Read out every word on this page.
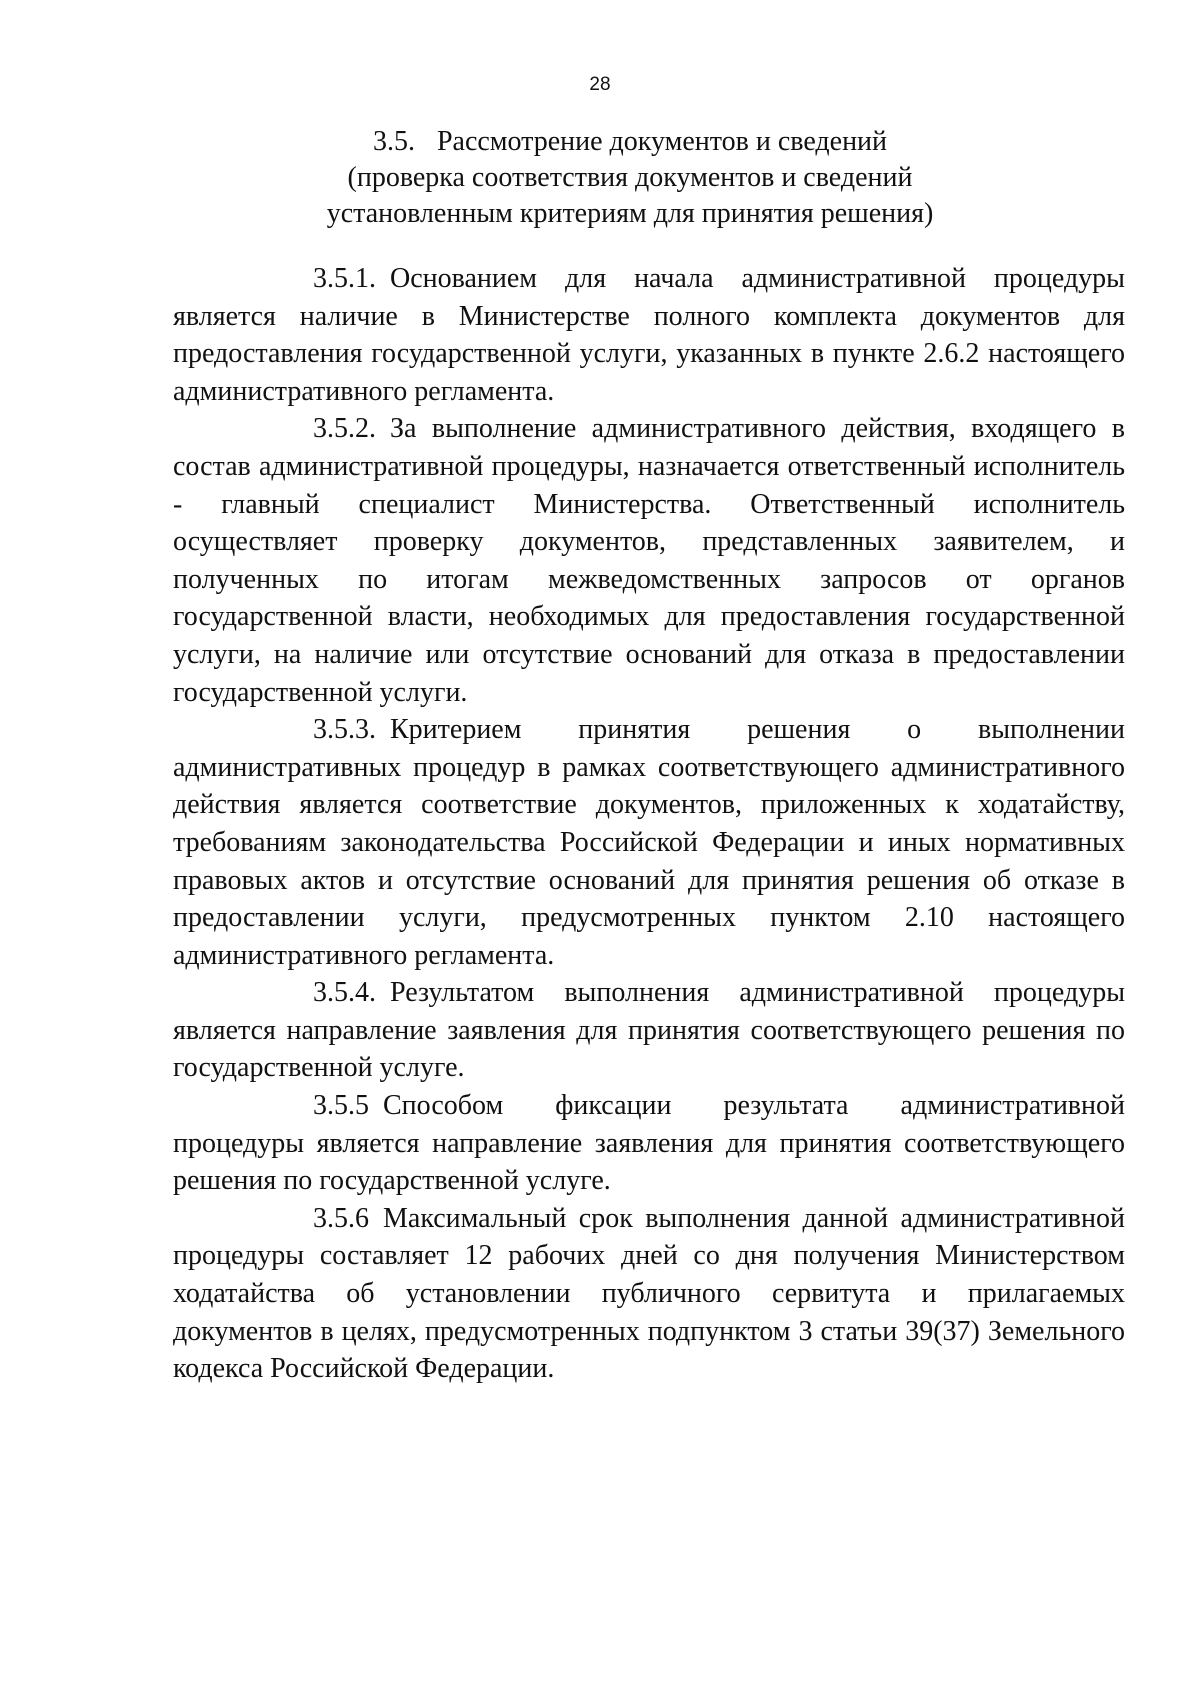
28
3.5. Рассмотрение документов и сведений
(проверка соответствия документов и сведений
установленным критериям для принятия решения)

3.5.1. Основанием для начала административной процедуры является наличие в Министерстве полного комплекта документов для предоставления государственной услуги, указанных в пункте 2.6.2 настоящего административного регламента.

3.5.2. За выполнение административного действия, входящего в состав административной процедуры, назначается ответственный исполнитель - главный специалист Министерства. Ответственный исполнитель осуществляет проверку документов, представленных заявителем, и полученных по итогам межведомственных запросов от органов государственной власти, необходимых для предоставления государственной услуги, на наличие или отсутствие оснований для отказа в предоставлении государственной услуги.

3.5.3. Критерием принятия решения о выполнении административных процедур в рамках соответствующего административного действия является соответствие документов, приложенных к ходатайству, требованиям законодательства Российской Федерации и иных нормативных правовых актов и отсутствие оснований для принятия решения об отказе в предоставлении услуги, предусмотренных пунктом 2.10 настоящего административного регламента.

3.5.4. Результатом выполнения административной процедуры является направление заявления для принятия соответствующего решения по государственной услуге.

3.5.5 Способом фиксации результата административной процедуры является направление заявления для принятия соответствующего решения по государственной услуге.

3.5.6 Максимальный срок выполнения данной административной процедуры составляет 12 рабочих дней со дня получения Министерством ходатайства об установлении публичного сервитута и прилагаемых документов в целях, предусмотренных подпунктом 3 статьи 39(37) Земельного кодекса Российской Федерации.
